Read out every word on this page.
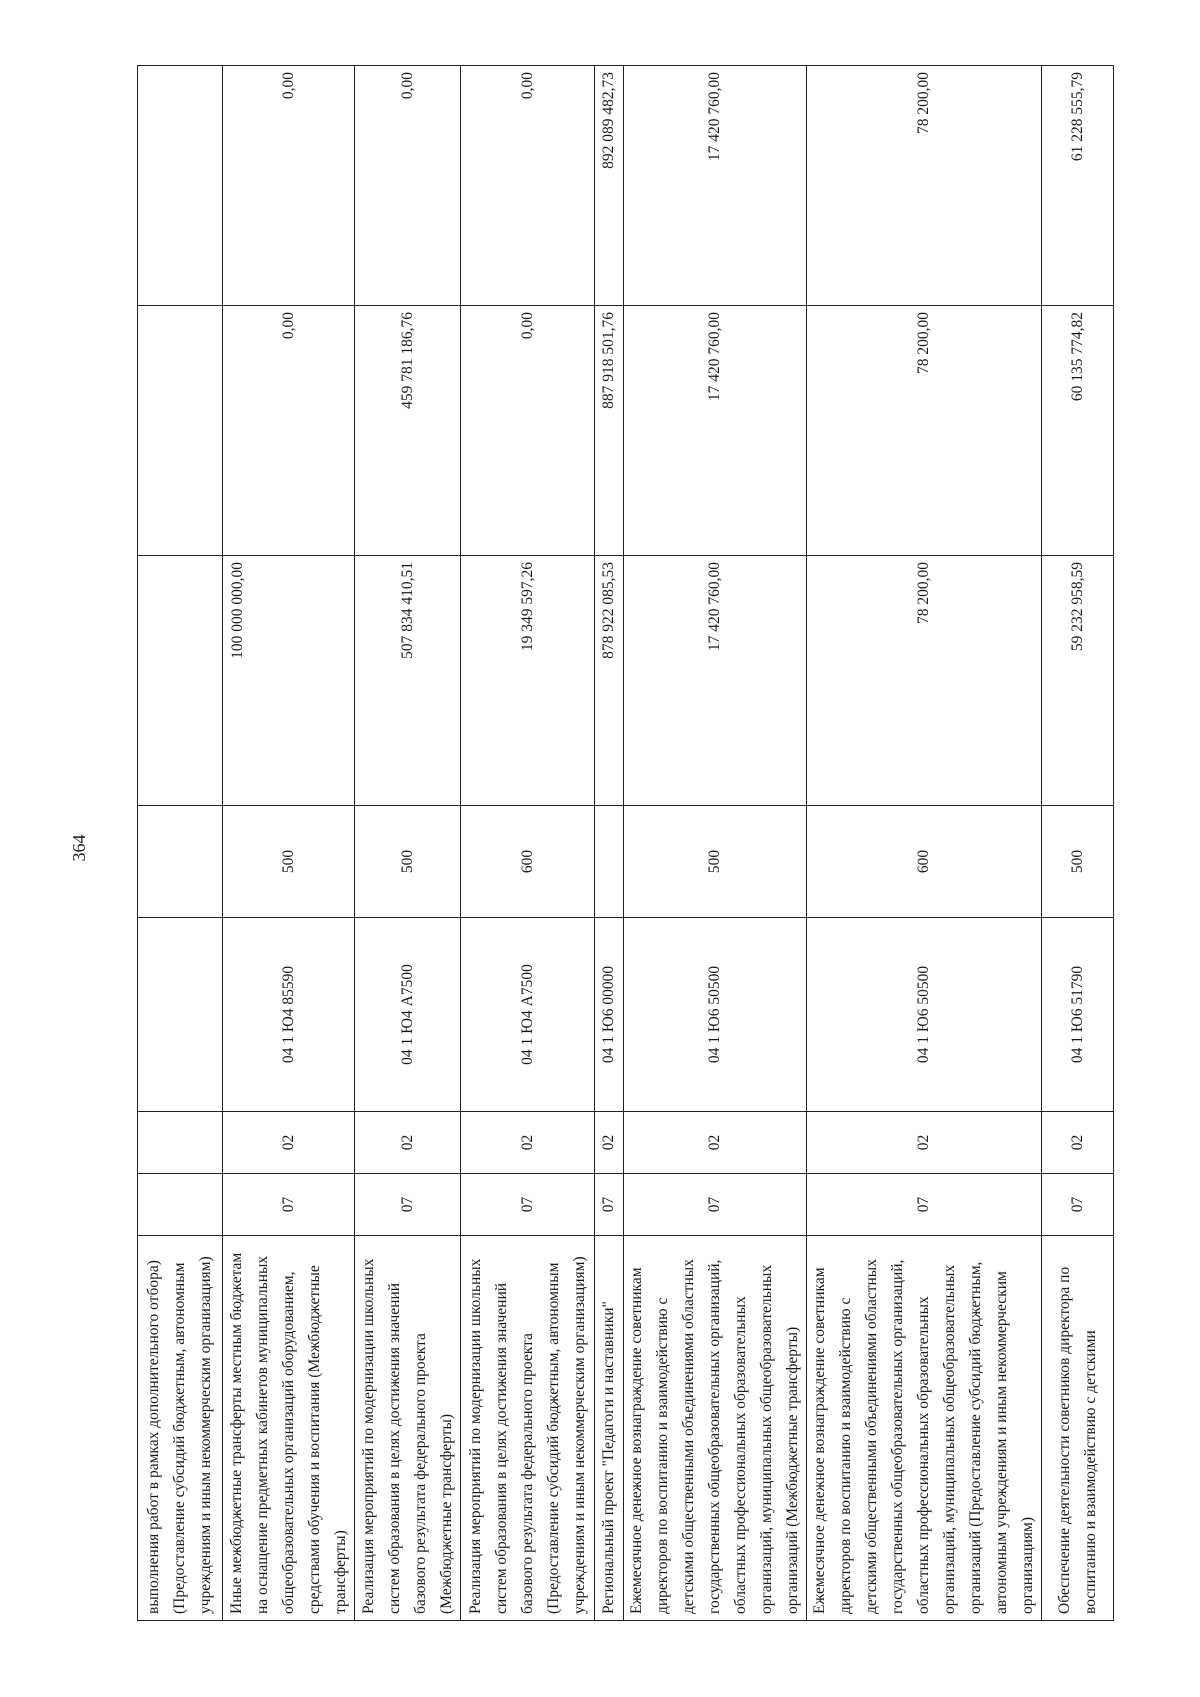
364
выполнения работ в рамках дополнительного отбора) (Предоставление субсидий бюджетным, автономным учреждениям и иным некоммерческим организациям)							
Иные межбюджетные трансферты местным бюджетам на оснащение предметных кабинетов муниципальных общеобразовательных организаций оборудованием, средствами обучения и воспитания (Межбюджетные трансферты)	07	02	04 1 Ю4 85590	500	100 000 000,00	0,00	0,00
Реализация мероприятий по модернизации школьных систем образования в целях достижения значений базового результата федерального проекта (Межбюджетные трансферты)	07	02	04 1 Ю4 А7500	500	507 834 410,51	459 781 186,76	0,00
Реализация мероприятий по модернизации школьных систем образования в целях достижения значений базового результата федерального проекта (Предоставление субсидий бюджетным, автономным учреждениям и иным некоммерческим организациям)	07	02	04 1 Ю4 А7500	600	19 349 597,26	0,00	0,00
Региональный проект "Педагоги и наставники"	07	02	04 1 Ю6 00000		878 922 085,53	887 918 501,76	892 089 482,73
Ежемесячное денежное вознаграждение советникам директоров по воспитанию и взаимодействию с детскими общественными объединениями областных государственных общеобразовательных организаций, областных профессиональных образовательных организаций, муниципальных общеобразовательных организаций (Межбюджетные трансферты)	07	02	04 1 Ю6 50500	500	17 420 760,00	17 420 760,00	17 420 760,00
Ежемесячное денежное вознаграждение советникам директоров по воспитанию и взаимодействию с детскими общественными объединениями областных государственных общеобразовательных организаций, областных профессиональных образовательных организаций, муниципальных общеобразовательных организаций (Предоставление субсидий бюджетным, автономным учреждениям и иным некоммерческим организациям)	07	02	04 1 Ю6 50500	600	78 200,00	78 200,00	78 200,00
Обеспечение деятельности советников директора по воспитанию и взаимодействию с детскими	07	02	04 1 Ю6 51790	500	59 232 958,59	60 135 774,82	61 228 555,79
